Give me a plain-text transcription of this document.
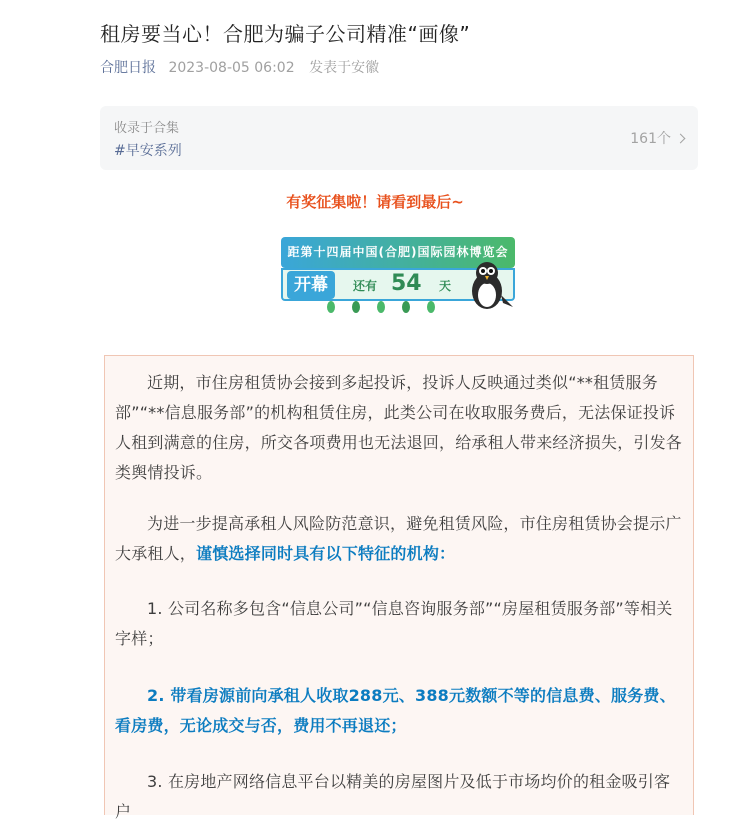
租房要当心！合肥为骗子公司精准“画像”
合肥日报 2023-08-05 06:02 发表于安徽
收录于合集
#早安系列
161个
有奖征集啦！请看到最后~
距第十四届中国(合肥)国际园林博览会
开幕	还有 54 天

近期，市住房租赁协会接到多起投诉，投诉人反映通过类似“**租赁服务部”“**信息服务部”的机构租赁住房，此类公司在收取服务费后，无法保证投诉人租到满意的住房，所交各项费用也无法退回，给承租人带来经济损失，引发各类舆情投诉。

为进一步提高承租人风险防范意识，避免租赁风险，市住房租赁协会提示广大承租人，谨慎选择同时具有以下特征的机构：

1. 公司名称多包含“信息公司”“信息咨询服务部”“房屋租赁服务部”等相关字样；

2. 带看房源前向承租人收取288元、388元数额不等的信息费、服务费、看房费，无论成交与否，费用不再退还；

3. 在房地产网络信息平台以精美的房屋图片及低于市场均价的租金吸引客户
